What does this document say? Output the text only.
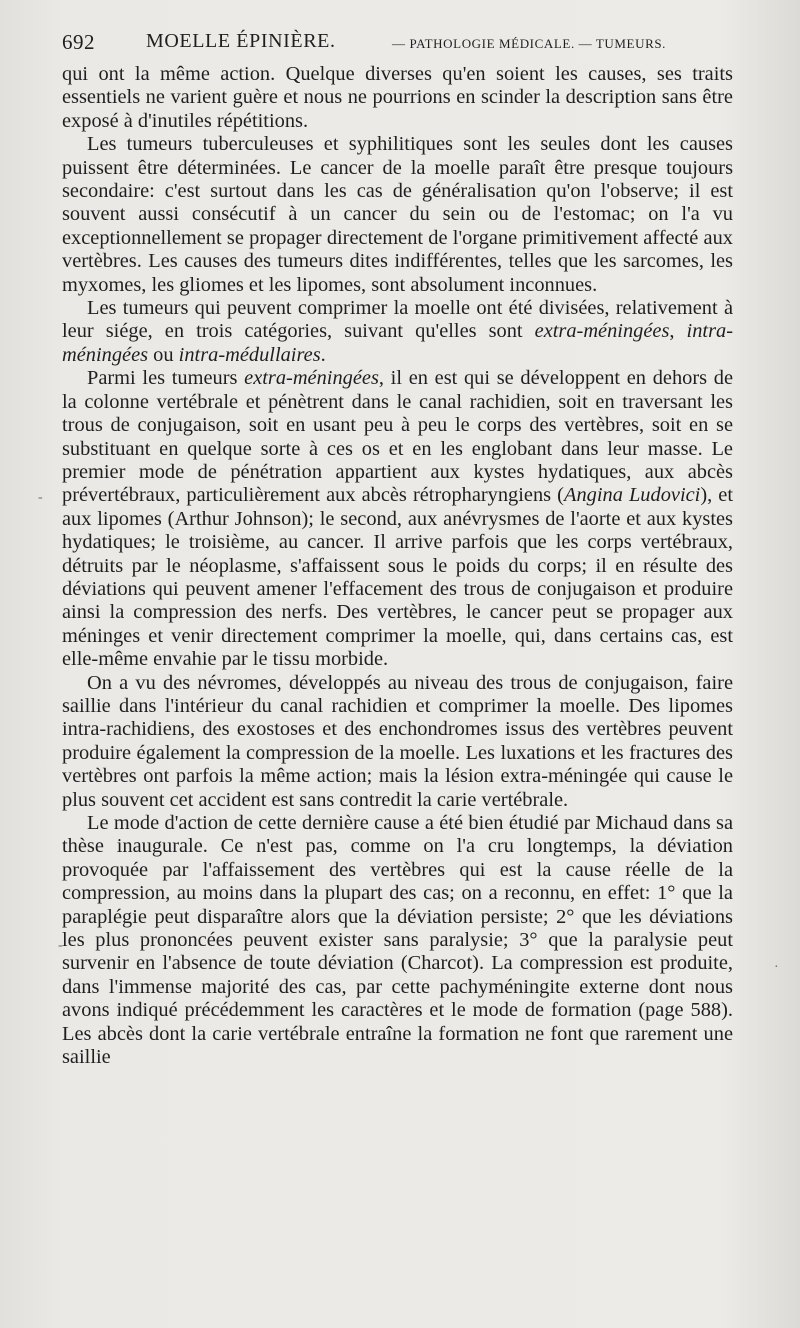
692	MOELLE ÉPINIÈRE.	— PATHOLOGIE MÉDICALE. — TUMEURS.

qui ont la même action. Quelque diverses qu'en soient les causes, ses traits essentiels ne varient guère et nous ne pourrions en scinder la description sans être exposé à d'inutiles répétitions.

Les tumeurs tuberculeuses et syphilitiques sont les seules dont les causes puissent être déterminées. Le cancer de la moelle paraît être presque toujours secondaire: c'est surtout dans les cas de généralisation qu'on l'observe; il est souvent aussi consécutif à un cancer du sein ou de l'estomac; on l'a vu exceptionnellement se propager directement de l'organe primitivement affecté aux vertèbres. Les causes des tumeurs dites indifférentes, telles que les sarcomes, les myxomes, les gliomes et les lipomes, sont absolument inconnues.

Les tumeurs qui peuvent comprimer la moelle ont été divisées, relativement à leur siége, en trois catégories, suivant qu'elles sont extra-méningées, intra-méningées ou intra-médullaires.

Parmi les tumeurs extra-méningées, il en est qui se développent en dehors de la colonne vertébrale et pénètrent dans le canal rachidien, soit en traversant les trous de conjugaison, soit en usant peu à peu le corps des vertèbres, soit en se substituant en quelque sorte à ces os et en les englobant dans leur masse. Le premier mode de pénétration appartient aux kystes hydatiques, aux abcès prévertébraux, particulièrement aux abcès rétropharyngiens (Angina Ludovici), et aux lipomes (Arthur Johnson); le second, aux anévrysmes de l'aorte et aux kystes hydatiques; le troisième, au cancer. Il arrive parfois que les corps vertébraux, détruits par le néoplasme, s'affaissent sous le poids du corps; il en résulte des déviations qui peuvent amener l'effacement des trous de conjugaison et produire ainsi la compression des nerfs. Des vertèbres, le cancer peut se propager aux méninges et venir directement comprimer la moelle, qui, dans certains cas, est elle-même envahie par le tissu morbide.

On a vu des névromes, développés au niveau des trous de conjugaison, faire saillie dans l'intérieur du canal rachidien et comprimer la moelle. Des lipomes intra-rachidiens, des exostoses et des enchondromes issus des vertèbres peuvent produire également la compression de la moelle. Les luxations et les fractures des vertèbres ont parfois la même action; mais la lésion extra-méningée qui cause le plus souvent cet accident est sans contredit la carie vertébrale.

Le mode d'action de cette dernière cause a été bien étudié par Michaud dans sa thèse inaugurale. Ce n'est pas, comme on l'a cru longtemps, la déviation provoquée par l'affaissement des vertèbres qui est la cause réelle de la compression, au moins dans la plupart des cas; on a reconnu, en effet: 1° que la paraplégie peut disparaître alors que la déviation persiste; 2° que les déviations les plus prononcées peuvent exister sans paralysie; 3° que la paralysie peut survenir en l'absence de toute déviation (Charcot). La compression est produite, dans l'immense majorité des cas, par cette pachyméningite externe dont nous avons indiqué précédemment les caractères et le mode de formation (page 588). Les abcès dont la carie vertébrale entraîne la formation ne font que rarement une saillie

-
-
·
